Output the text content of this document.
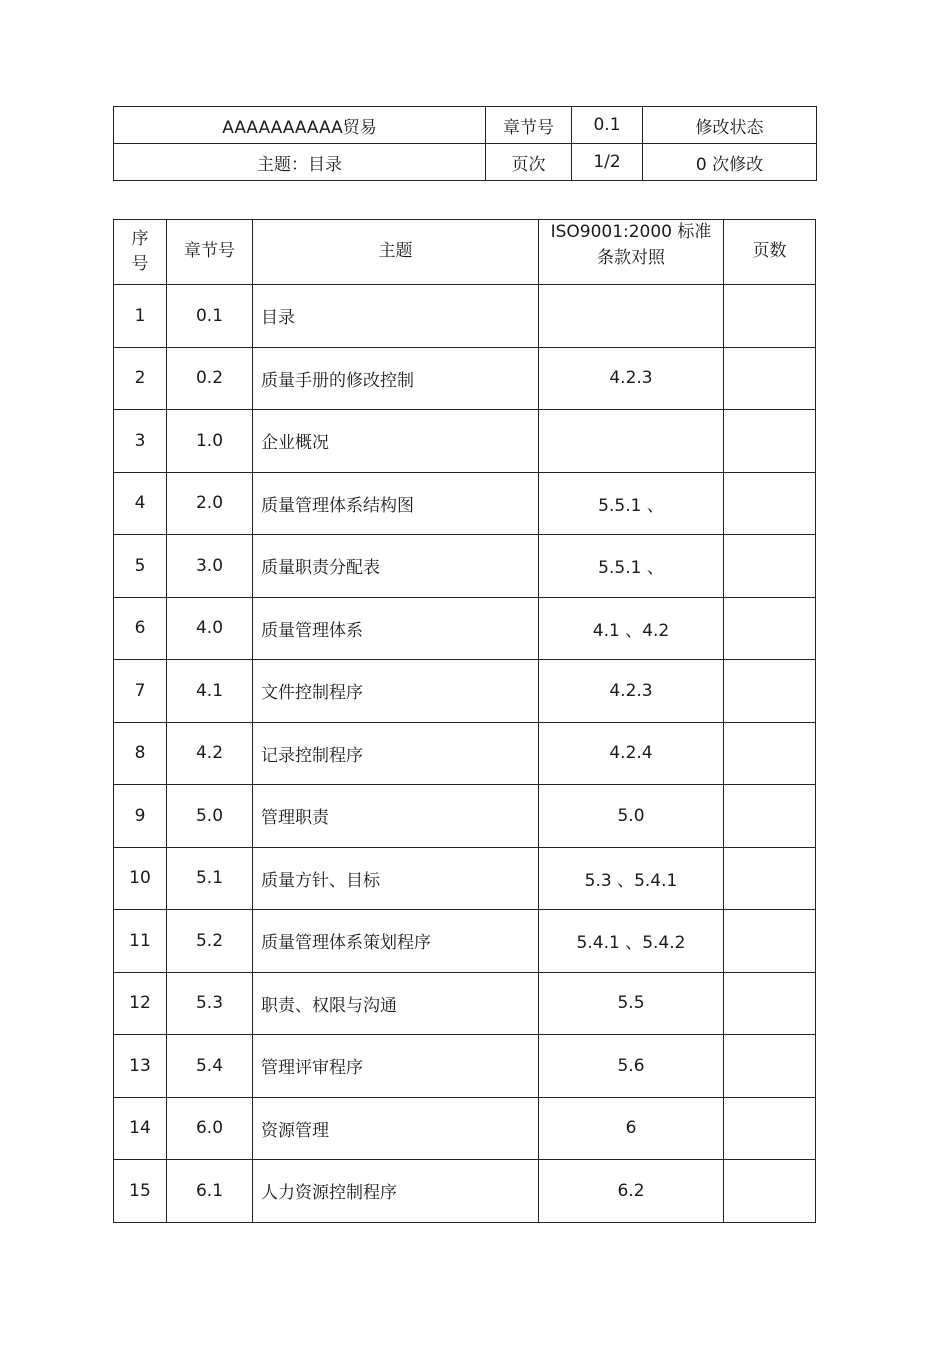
AAAAAAAAAA贸易	章节号	0.1	修改状态
主题：目录	页次	1/2	0 次修改
序
号	章节号	主题	ISO9001:2000 标准
条款对照	页数
1	0.1	目录		
2	0.2	质量手册的修改控制	4.2.3	
3	1.0	企业概况		
4	2.0	质量管理体系结构图	5.5.1 、	
5	3.0	质量职责分配表	5.5.1 、	
6	4.0	质量管理体系	4.1 、4.2	
7	4.1	文件控制程序	4.2.3	
8	4.2	记录控制程序	4.2.4	
9	5.0	管理职责	5.0	
10	5.1	质量方针、目标	5.3 、5.4.1	
11	5.2	质量管理体系策划程序	5.4.1 、5.4.2	
12	5.3	职责、权限与沟通	5.5	
13	5.4	管理评审程序	5.6	
14	6.0	资源管理	6	
15	6.1	人力资源控制程序	6.2	
